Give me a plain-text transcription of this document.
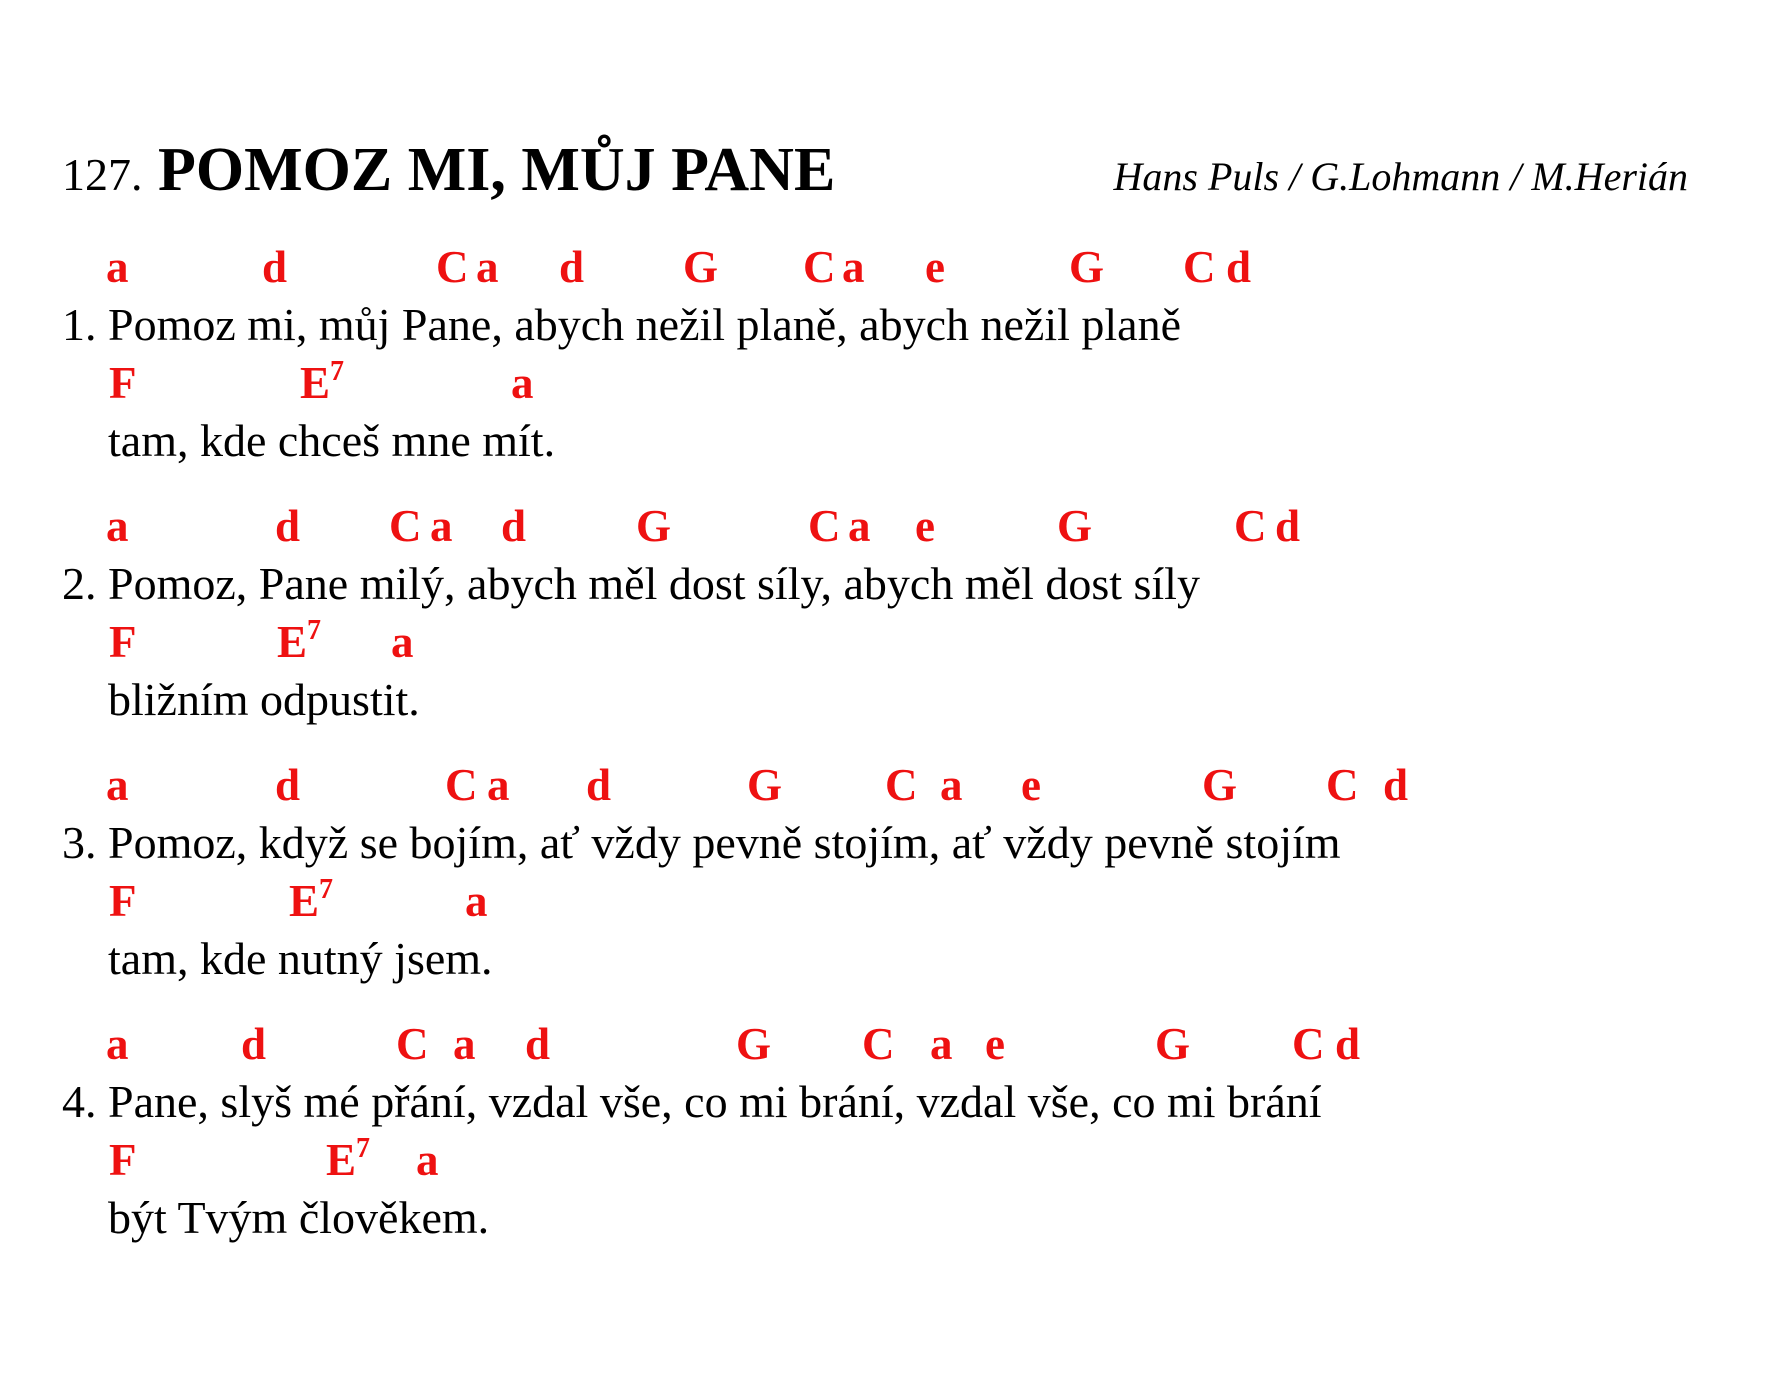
127. POMOZ MI, MŮJ PANE	Hans Puls / G.Lohmann / M.Herián
a	d	C a d G C a e	G C d
1. Pomoz mi, můj Pane, abych nežil planě, abych nežil planě
F	$E^7$	a
tam, kde chceš mne mít.
a	d C a d G	C a e	G	C d
2. Pomoz, Pane milý, abych měl dost síly, abych měl dost síly
F	$E^7$ a
bližním odpustit.
a	d	C a d	G C a e	G C d
3. Pomoz, když se bojím, ať vždy pevně stojím, ať vždy pevně stojím
F	$E^7$	a
tam, kde nutný jsem.
a	d	C a d	G C a e	G C d
4. Pane, slyš mé přání, vzdal vše, co mi brání, vzdal vše, co mi brání
F	$E^7$ a
být Tvým člověkem.
